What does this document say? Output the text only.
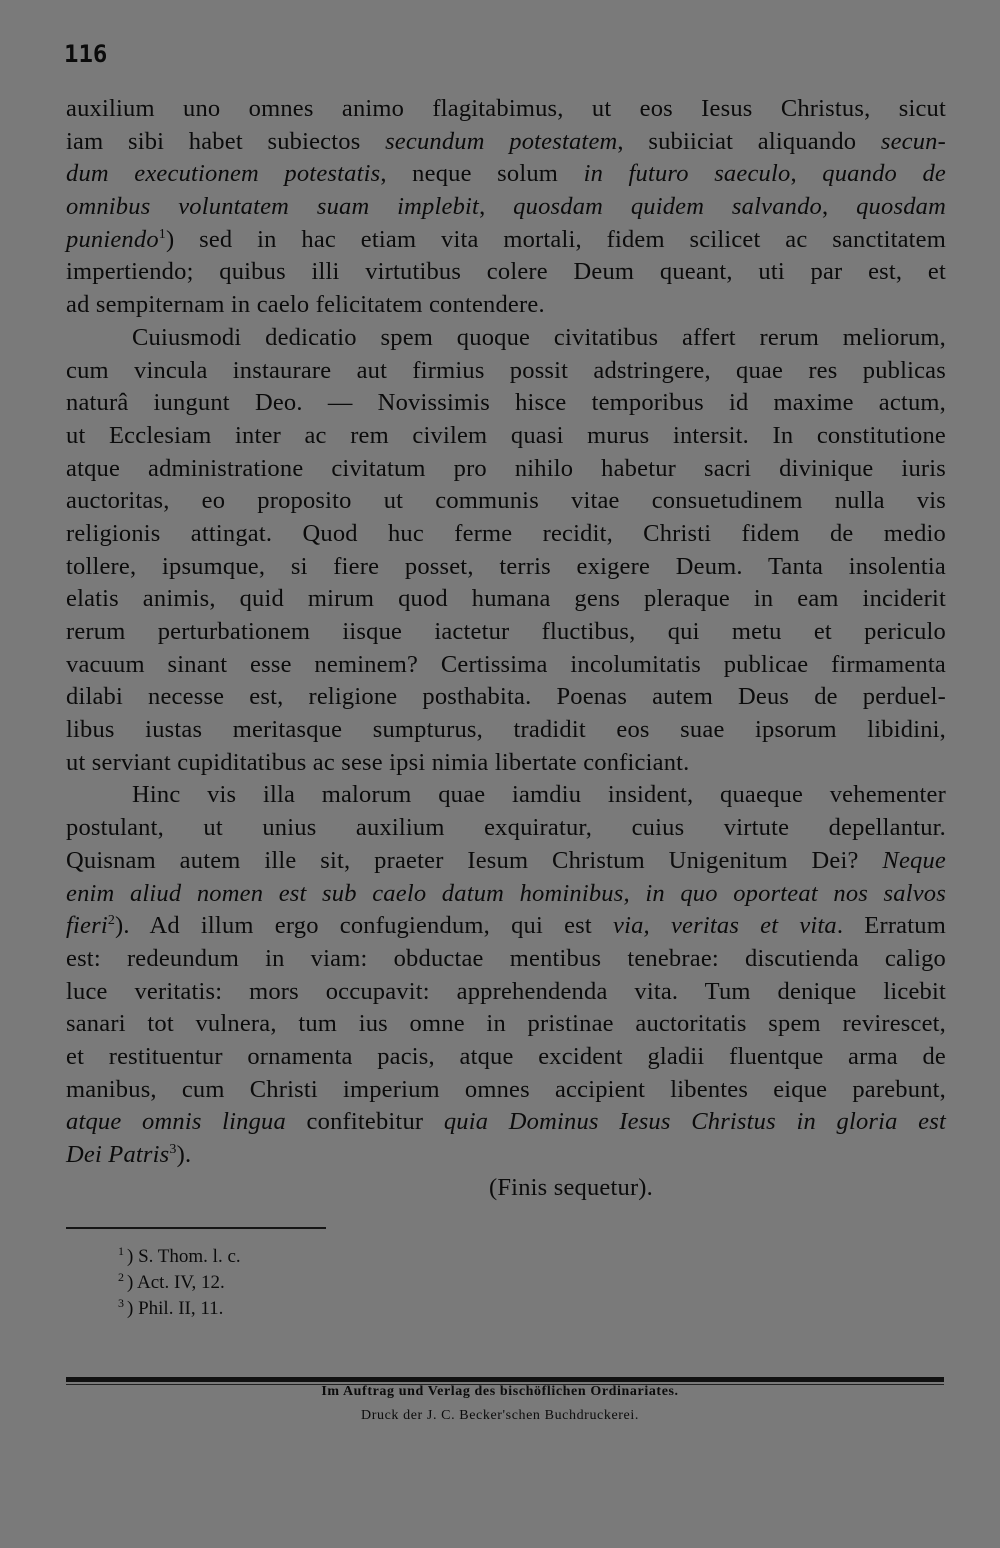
116
auxilium uno omnes animo flagitabimus, ut eos Iesus Christus, sicut
iam sibi habet subiectos secundum potestatem, subiiciat aliquando secun-
dum executionem potestatis, neque solum in futuro saeculo, quando de
omnibus voluntatem suam implebit, quosdam quidem salvando, quosdam
puniendo$^1$) sed in hac etiam vita mortali, fidem scilicet ac sanctitatem
impertiendo; quibus illi virtutibus colere Deum queant, uti par est, et
ad sempiternam in caelo felicitatem contendere.
Cuiusmodi dedicatio spem quoque civitatibus affert rerum meliorum,
cum vincula instaurare aut firmius possit adstringere, quae res publicas
naturâ iungunt Deo. — Novissimis hisce temporibus id maxime actum,
ut Ecclesiam inter ac rem civilem quasi murus intersit. In constitutione
atque administratione civitatum pro nihilo habetur sacri divinique iuris
auctoritas, eo proposito ut communis vitae consuetudinem nulla vis
religionis attingat. Quod huc ferme recidit, Christi fidem de medio
tollere, ipsumque, si fiere posset, terris exigere Deum. Tanta insolentia
elatis animis, quid mirum quod humana gens pleraque in eam inciderit
rerum perturbationem iisque iactetur fluctibus, qui metu et periculo
vacuum sinant esse neminem? Certissima incolumitatis publicae firmamenta
dilabi necesse est, religione posthabita. Poenas autem Deus de perduel-
libus iustas meritasque sumpturus, tradidit eos suae ipsorum libidini,
ut serviant cupiditatibus ac sese ipsi nimia libertate conficiant.
Hinc vis illa malorum quae iamdiu insident, quaeque vehementer
postulant, ut unius auxilium exquiratur, cuius virtute depellantur.
Quisnam autem ille sit, praeter Iesum Christum Unigenitum Dei? Neque
enim aliud nomen est sub caelo datum hominibus, in quo oporteat nos salvos
fieri$^2$). Ad illum ergo confugiendum, qui est via, veritas et vita. Erratum
est: redeundum in viam: obductae mentibus tenebrae: discutienda caligo
luce veritatis: mors occupavit: apprehendenda vita. Tum denique licebit
sanari tot vulnera, tum ius omne in pristinae auctoritatis spem revirescet,
et restituentur ornamenta pacis, atque excident gladii fluentque arma de
manibus, cum Christi imperium omnes accipient libentes eique parebunt,
atque omnis lingua confitebitur quia Dominus Iesus Christus in gloria est
Dei Patris$^3$).
(Finis sequetur).
$^1$ ) S. Thom. l. c.
$^2$ ) Act. IV, 12.
$^3$ ) Phil. II, 11.
Im Auftrag und Verlag des bischöflichen Ordinariates.
Druck der J. C. Becker'schen Buchdruckerei.
